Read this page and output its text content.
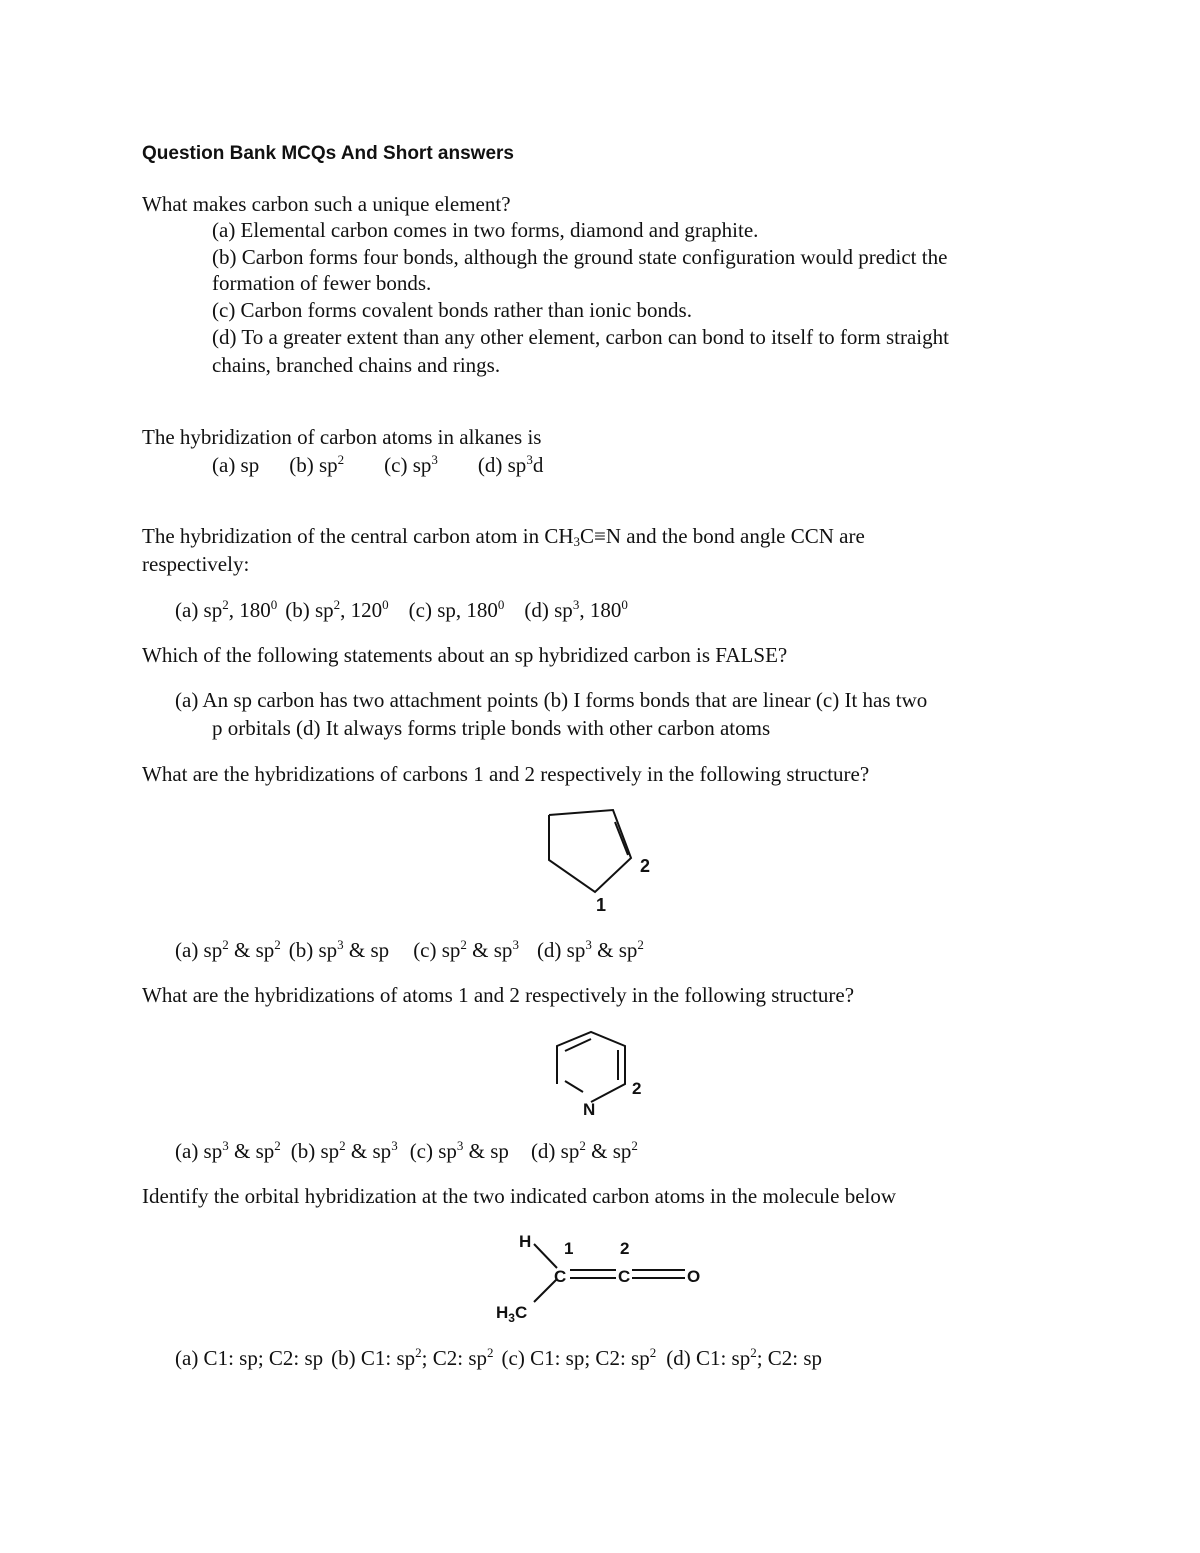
Question Bank MCQs And Short answers
What makes carbon such a unique element?
(a) Elemental carbon comes in two forms, diamond and graphite.
(b) Carbon forms four bonds, although the ground state configuration would predict the
formation of fewer bonds.
(c) Carbon forms covalent bonds rather than ionic bonds.
(d) To a greater extent than any other element, carbon can bond to itself to form straight
chains, branched chains and rings.
The hybridization of carbon atoms in alkanes is
(a) sp (b) $sp^2$ (c) $sp^3$ (d) $sp^3d$
The hybridization of the central carbon atom in $CH_3C\equiv N$ and the bond angle CCN are
respectively:
(a) $sp^2$, $180^0$ (b) $sp^2$, $120^0$ (c) sp, $180^0$ (d) $sp^3$, $180^0$
Which of the following statements about an sp hybridized carbon is FALSE?
(a) An sp carbon has two attachment points (b) I forms bonds that are linear (c) It has two
p orbitals (d) It always forms triple bonds with other carbon atoms
What are the hybridizations of carbons 1 and 2 respectively in the following structure?
2
1
(a) $sp^2$ & $sp^2$ (b) $sp^3$ & sp (c) $sp^2$ & $sp^3$ (d) $sp^3$ & $sp^2$
What are the hybridizations of atoms 1 and 2 respectively in the following structure?
N
2
(a) $sp^3$ & $sp^2$ (b) $sp^2$ & $sp^3$ (c) $sp^3$ & sp (d) $sp^2$ & $sp^2$
Identify the orbital hybridization at the two indicated carbon atoms in the molecule below
H 1	2
C	C	O
$H_3C$
(a) C1: sp; C2: sp (b) C1: $sp^2$; C2: $sp^2$ (c) C1: sp; C2: $sp^2$ (d) C1: $sp^2$; C2: sp
